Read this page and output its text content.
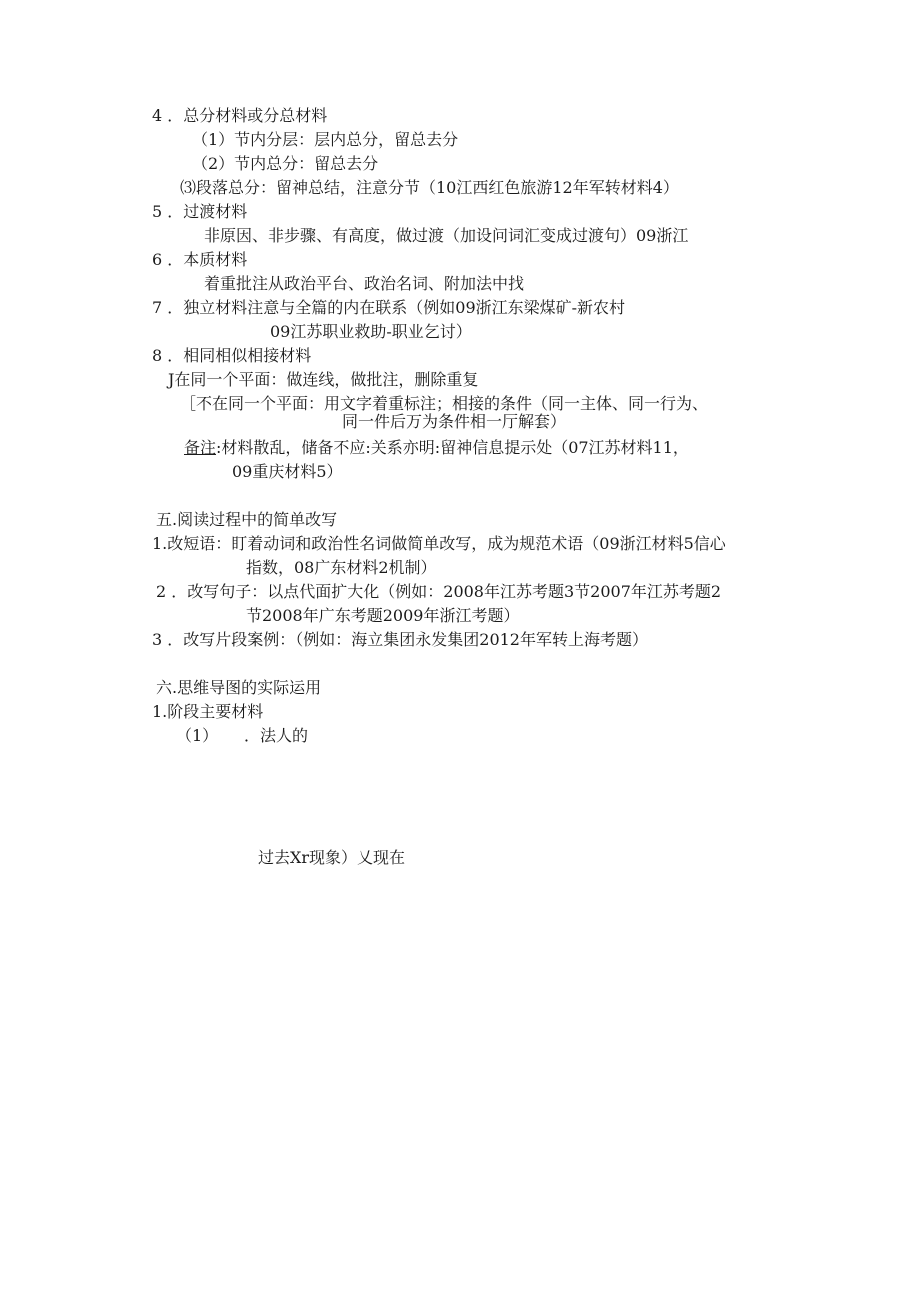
4 ．总分材料或分总材料
（1）节内分层：层内总分，留总去分
（2）节内总分：留总去分
⑶段落总分：留神总结，注意分节（10江西红色旅游12年军转材料4）
5 ．过渡材料
非原因、非步骤、有高度，做过渡（加设问词汇变成过渡句）09浙江
6 ．本质材料
着重批注从政治平台、政治名词、附加法中找
7 ．独立材料注意与全篇的内在联系（例如09浙江东梁煤矿-新农村
09江苏职业救助-职业乞讨）
8 ．相同相似相接材料
J在同一个平面：做连线，做批注，删除重复
［不在同一个平面：用文字着重标注；相接的条件（同一主体、同一行为、
同一件后万为条件相一厅解套）
备注:材料散乱，储备不应:关系亦明:留神信息提示处（07江苏材料11，
09重庆材料5）
五.阅读过程中的简单改写
1.改短语：盯着动词和政治性名词做简单改写，成为规范术语（09浙江材料5信心
指数，08广东材料2机制）
2 ．改写句子：以点代面扩大化（例如：2008年江苏考题3节2007年江苏考题2
节2008年广东考题2009年浙江考题）
3 ．改写片段案例：（例如：海立集团永发集团2012年军转上海考题）
六.思维导图的实际运用
1.阶段主要材料
（1） ．法人的
过去Xr现象）乂现在
